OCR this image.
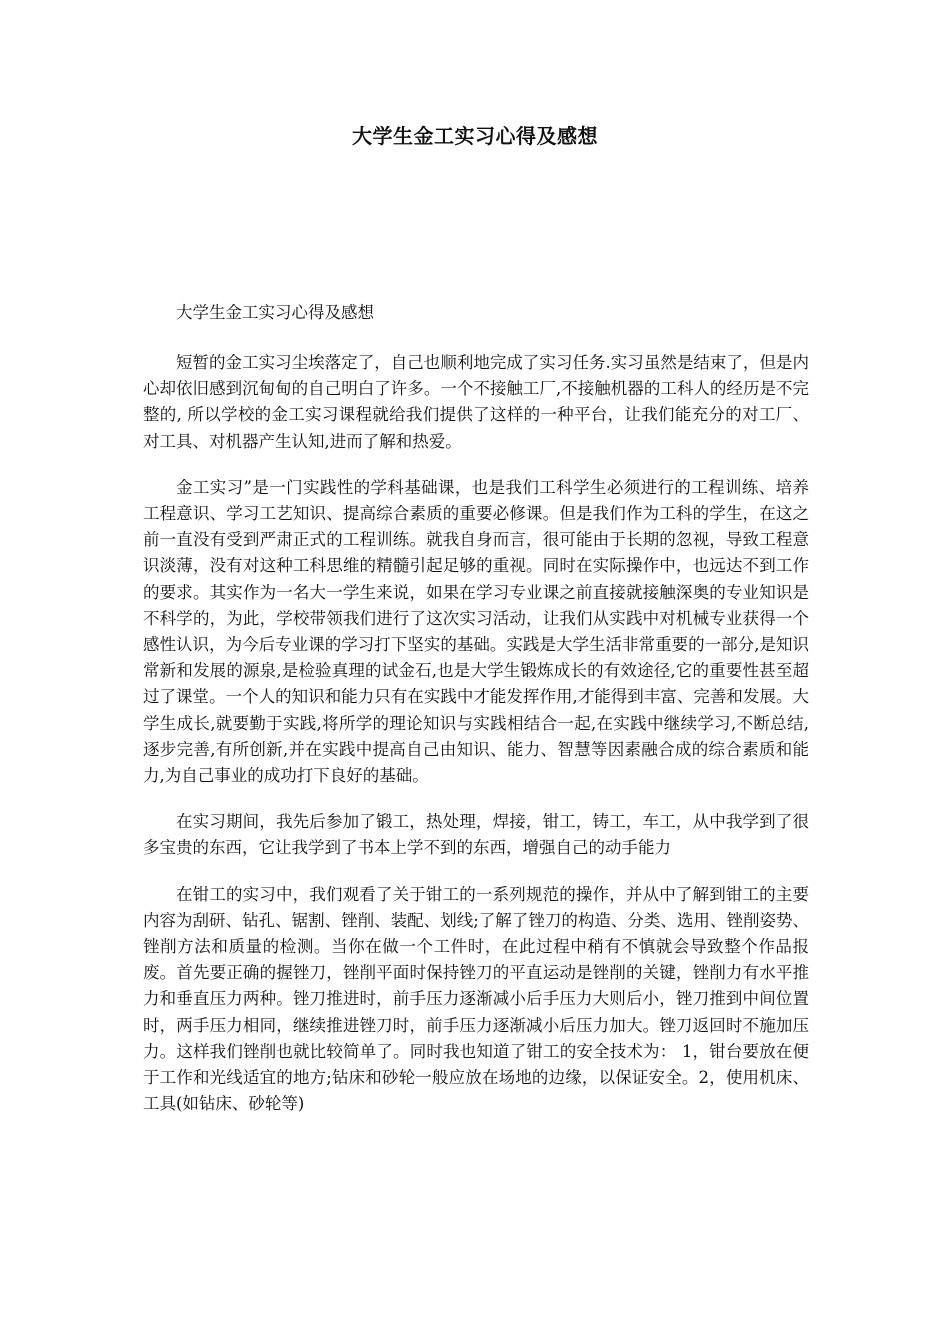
大学生金工实习心得及感想

大学生金工实习心得及感想

短暂的金工实习尘埃落定了，自己也顺利地完成了实习任务.实习虽然是结束了，但是内心却依旧感到沉甸甸的自己明白了许多。一个不接触工厂,不接触机器的工科人的经历是不完整的, 所以学校的金工实习课程就给我们提供了这样的一种平台，让我们能充分的对工厂、对工具、对机器产生认知,进而了解和热爱。

金工实习”是一门实践性的学科基础课，也是我们工科学生必须进行的工程训练、培养工程意识、学习工艺知识、提高综合素质的重要必修课。但是我们作为工科的学生，在这之前一直没有受到严肃正式的工程训练。就我自身而言，很可能由于长期的忽视，导致工程意识淡薄，没有对这种工科思维的精髓引起足够的重视。同时在实际操作中，也远达不到工作的要求。其实作为一名大一学生来说，如果在学习专业课之前直接就接触深奥的专业知识是不科学的，为此，学校带领我们进行了这次实习活动，让我们从实践中对机械专业获得一个感性认识，为今后专业课的学习打下坚实的基础。实践是大学生活非常重要的一部分,是知识常新和发展的源泉,是检验真理的试金石,也是大学生锻炼成长的有效途径,它的重要性甚至超过了课堂。一个人的知识和能力只有在实践中才能发挥作用,才能得到丰富、完善和发展。大学生成长,就要勤于实践,将所学的理论知识与实践相结合一起,在实践中继续学习,不断总结,逐步完善,有所创新,并在实践中提高自己由知识、能力、智慧等因素融合成的综合素质和能力,为自己事业的成功打下良好的基础。

在实习期间，我先后参加了锻工，热处理，焊接，钳工，铸工，车工，从中我学到了很多宝贵的东西，它让我学到了书本上学不到的东西，增强自己的动手能力

在钳工的实习中，我们观看了关于钳工的一系列规范的操作，并从中了解到钳工的主要内容为刮研、钻孔、锯割、锉削、装配、划线;了解了锉刀的构造、分类、选用、锉削姿势、锉削方法和质量的检测。当你在做一个工件时，在此过程中稍有不慎就会导致整个作品报废。首先要正确的握锉刀，锉削平面时保持锉刀的平直运动是锉削的关键，锉削力有水平推力和垂直压力两种。锉刀推进时，前手压力逐渐减小后手压力大则后小，锉刀推到中间位置时，两手压力相同，继续推进锉刀时，前手压力逐渐减小后压力加大。锉刀返回时不施加压力。这样我们锉削也就比较简单了。同时我也知道了钳工的安全技术为： 1，钳台要放在便于工作和光线适宜的地方;钻床和砂轮一般应放在场地的边缘，以保证安全。2，使用机床、工具(如钻床、砂轮等)
